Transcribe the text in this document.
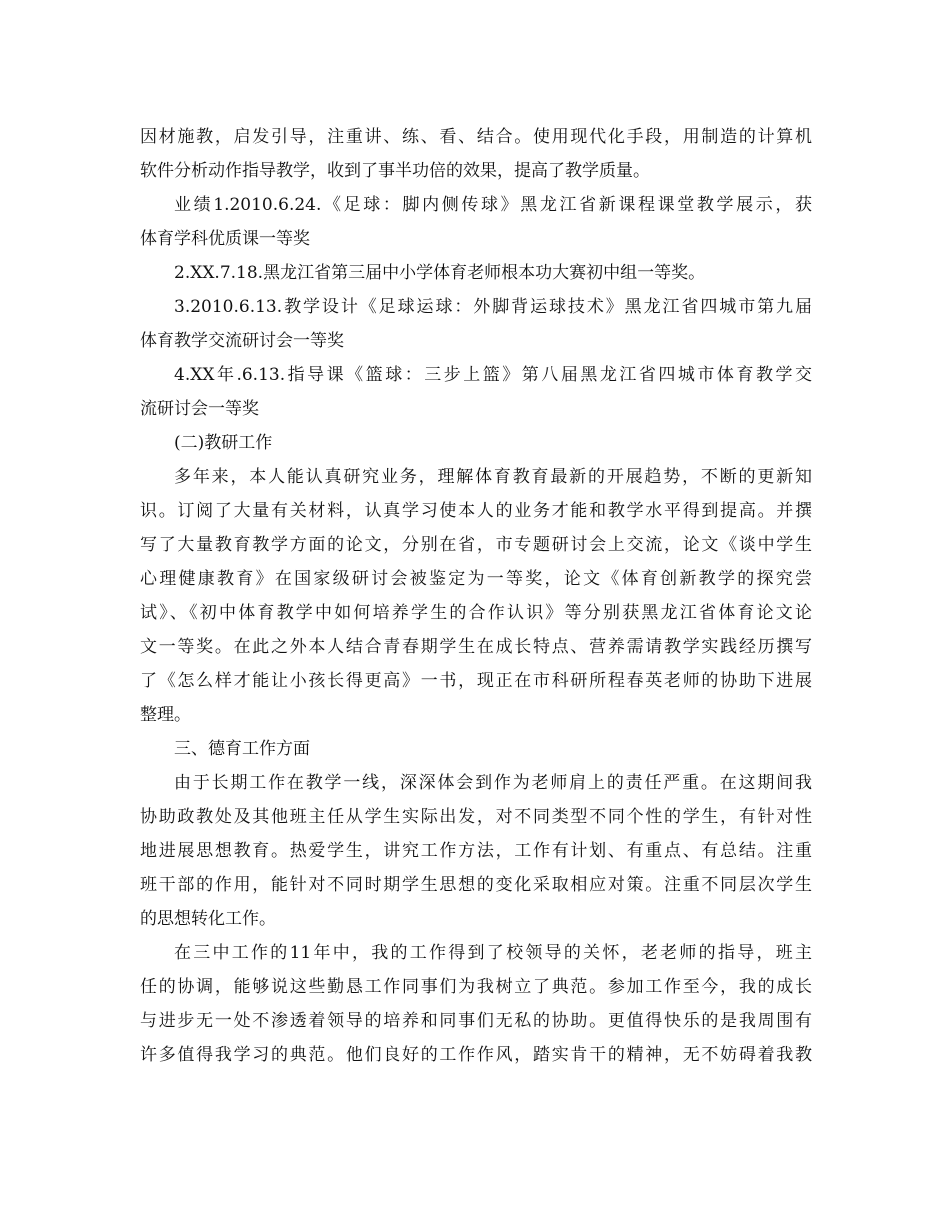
因材施教，启发引导，注重讲、练、看、结合。使用现代化手段，用制造的计算机
软件分析动作指导教学，收到了事半功倍的效果，提高了教学质量。
业绩1.2010.6.24.《足球：脚内侧传球》黑龙江省新课程课堂教学展示，获
体育学科优质课一等奖
2.XX.7.18.黑龙江省第三届中小学体育老师根本功大赛初中组一等奖。
3.2010.6.13.教学设计《足球运球：外脚背运球技术》黑龙江省四城市第九届
体育教学交流研讨会一等奖
4.XX年.6.13.指导课《篮球：三步上篮》第八届黑龙江省四城市体育教学交
流研讨会一等奖
(二)教研工作
多年来，本人能认真研究业务，理解体育教育最新的开展趋势，不断的更新知
识。订阅了大量有关材料，认真学习使本人的业务才能和教学水平得到提高。并撰
写了大量教育教学方面的论文，分别在省，市专题研讨会上交流，论文《谈中学生
心理健康教育》在国家级研讨会被鉴定为一等奖，论文《体育创新教学的探究尝
试》、《初中体育教学中如何培养学生的合作认识》等分别获黑龙江省体育论文论
文一等奖。在此之外本人结合青春期学生在成长特点、营养需请教学实践经历撰写
了《怎么样才能让小孩长得更高》一书，现正在市科研所程春英老师的协助下进展
整理。
三、德育工作方面
由于长期工作在教学一线，深深体会到作为老师肩上的责任严重。在这期间我
协助政教处及其他班主任从学生实际出发，对不同类型不同个性的学生，有针对性
地进展思想教育。热爱学生，讲究工作方法，工作有计划、有重点、有总结。注重
班干部的作用，能针对不同时期学生思想的变化采取相应对策。注重不同层次学生
的思想转化工作。
在三中工作的11年中，我的工作得到了校领导的关怀，老老师的指导，班主
任的协调，能够说这些勤恳工作同事们为我树立了典范。参加工作至今，我的成长
与进步无一处不渗透着领导的培养和同事们无私的协助。更值得快乐的是我周围有
许多值得我学习的典范。他们良好的工作作风，踏实肯干的精神，无不妨碍着我教
